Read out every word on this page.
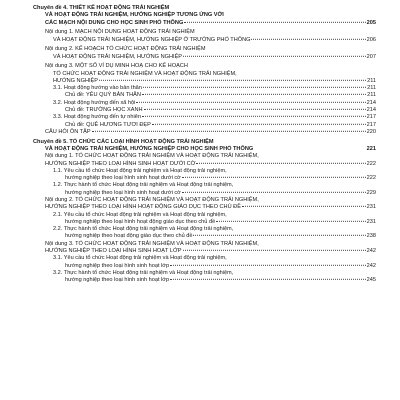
Chuyên đề 4. THIẾT KẾ HOẠT ĐỘNG TRẢI NGHIỆM
VÀ HOẠT ĐỘNG TRẢI NGHIỆM, HƯỚNG NGHIỆP TƯƠNG ỨNG VỚI
CÁC MẠCH NỘI DUNG CHO HỌC SINH PHỔ THÔNG	205
Nội dung 1. MẠCH NỘI DUNG HOẠT ĐỘNG TRẢI NGHIỆM
VÀ HOẠT ĐỘNG TRẢI NGHIỆM, HƯỚNG NGHIỆP Ở TRƯỜNG PHỔ THÔNG	206
Nội dung 2. KẾ HOẠCH TỔ CHỨC HOẠT ĐỘNG TRẢI NGHIỆM
VÀ HOẠT ĐỘNG TRẢI NGHIỆM, HƯỚNG NGHIỆP	207
Nội dung 3. MỘT SỐ VÍ DỤ MINH HOẠ CHO KẾ HOẠCH
TỔ CHỨC HOẠT ĐỘNG TRẢI NGHIỆM VÀ HOẠT ĐỘNG TRẢI NGHIỆM,
HƯỚNG NGHIỆP	211
3.1. Hoạt động hướng vào bản thân	211
Chủ đề: YÊU QUÝ BẢN THÂN	211
3.2. Hoạt động hướng đến xã hội	214
Chủ đề: TRƯỜNG HỌC XANH	214
3.3. Hoạt động hướng đến tự nhiên	217
Chủ đề: QUÊ HƯƠNG TƯƠI ĐẸP	217
CÂU HỎI ÔN TẬP	220
Chuyên đề 5. TỔ CHỨC CÁC LOẠI HÌNH HOẠT ĐỘNG TRẢI NGHIỆM
VÀ HOẠT ĐỘNG TRẢI NGHIỆM, HƯỚNG NGHIỆP CHO HỌC SINH PHỔ THÔNG	221
Nội dung 1. TỔ CHỨC HOẠT ĐỘNG TRẢI NGHIỆM VÀ HOẠT ĐỘNG TRẢI NGHIỆM,
HƯỚNG NGHIỆP THEO LOẠI HÌNH SINH HOẠT DƯỚI CỜ	222
1.1. Yêu cầu tổ chức Hoạt động trải nghiệm và Hoạt động trải nghiệm,
hướng nghiệp theo loại hình sinh hoạt dưới cờ	222
1.2. Thực hành tổ chức Hoạt động trải nghiệm và Hoạt động trải nghiệm,
hướng nghiệp theo loại hình sinh hoạt dưới cờ	229
Nội dung 2. TỔ CHỨC HOẠT ĐỘNG TRẢI NGHIỆM VÀ HOẠT ĐỘNG TRẢI NGHIỆM,
HƯỚNG NGHIỆP THEO LOẠI HÌNH HOẠT ĐỘNG GIÁO DỤC THEO CHỦ ĐỀ	231
2.1. Yêu cầu tổ chức Hoạt động trải nghiệm và Hoạt động trải nghiệm,
hướng nghiệp theo loại hình hoạt động giáo dục theo chủ đề	231
2.2. Thực hành tổ chức Hoạt động trải nghiệm và Hoạt động trải nghiệm,
hướng nghiệp theo hoạt động giáo dục theo chủ đề	238
Nội dung 3. TỔ CHỨC HOẠT ĐỘNG TRẢI NGHIỆM VÀ HOẠT ĐỘNG TRẢI NGHIỆM,
HƯỚNG NGHIỆP THEO LOẠI HÌNH SINH HOẠT LỚP	242
3.1. Yêu cầu tổ chức Hoạt động trải nghiệm và Hoạt động trải nghiệm,
hướng nghiệp theo loại hình sinh hoạt lớp	242
3.2. Thực hành tổ chức Hoạt động trải nghiệm và Hoạt động trải nghiệm,
hướng nghiệp theo loại hình sinh hoạt lớp	245
